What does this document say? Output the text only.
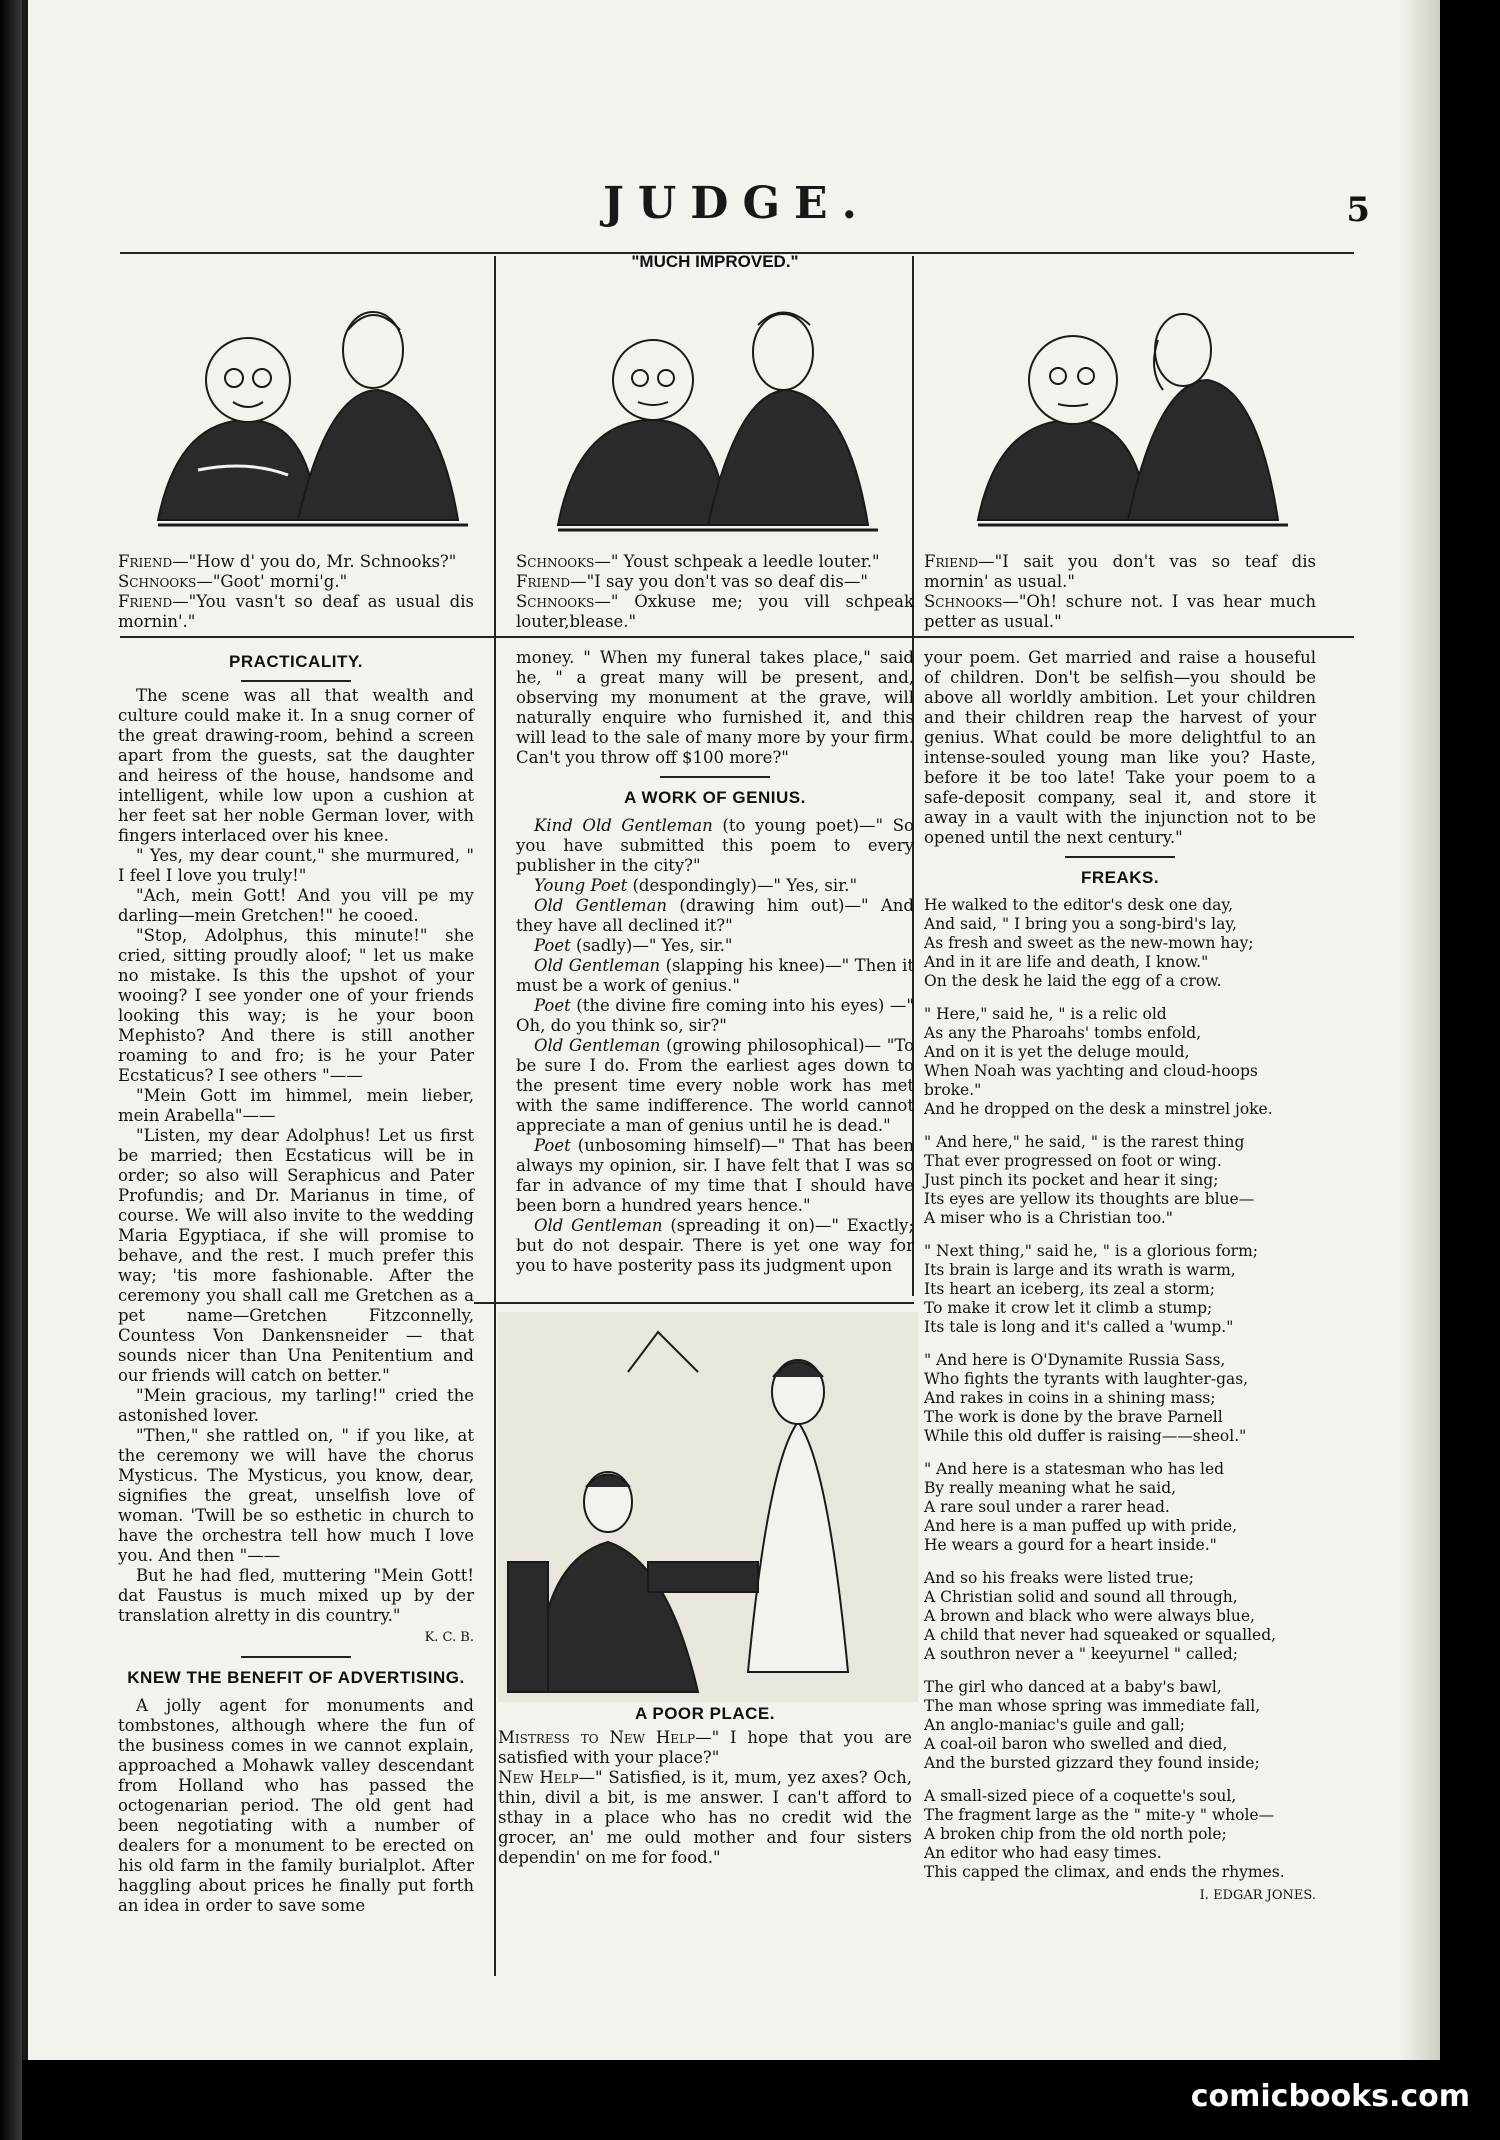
JUDGE.	5
"MUCH IMPROVED."

Friend—"How d' you do, Mr. Schnooks?"

Schnooks—"Goot' morni'g."

Friend—"You vasn't so deaf as usual dis mornin'."

Schnooks—" Youst schpeak a leedle louter."

Friend—"I say you don't vas so deaf dis—"

Schnooks—" Oxkuse me; you vill schpeak louter,blease."

Friend—"I sait you don't vas so teaf dis mornin' as usual."

Schnooks—"Oh! schure not. I vas hear much petter as usual."

PRACTICALITY.

The scene was all that wealth and culture could make it. In a snug corner of the great drawing-room, behind a screen apart from the guests, sat the daughter and heiress of the house, handsome and intelligent, while low upon a cushion at her feet sat her noble German lover, with fingers interlaced over his knee.

" Yes, my dear count," she murmured, " I feel I love you truly!"

"Ach, mein Gott! And you vill pe my darling—mein Gretchen!" he cooed.

"Stop, Adolphus, this minute!" she cried, sitting proudly aloof; " let us make no mistake. Is this the upshot of your wooing? I see yonder one of your friends looking this way; is he your boon Mephisto? And there is still another roaming to and fro; is he your Pater Ecstaticus? I see others "——

"Mein Gott im himmel, mein lieber, mein Arabella"——

"Listen, my dear Adolphus! Let us first be married; then Ecstaticus will be in order; so also will Seraphicus and Pater Profundis; and Dr. Marianus in time, of course. We will also invite to the wedding Maria Egyptiaca, if she will promise to behave, and the rest. I much prefer this way; 'tis more fashionable. After the ceremony you shall call me Gretchen as a pet name—Gretchen Fitzconnelly, Countess Von Dankensneider — that sounds nicer than Una Penitentium and our friends will catch on better."

"Mein gracious, my tarling!" cried the astonished lover.

"Then," she rattled on, " if you like, at the ceremony we will have the chorus Mysticus. The Mysticus, you know, dear, signifies the great, unselfish love of woman. 'Twill be so esthetic in church to have the orchestra tell how much I love you. And then "——

But he had fled, muttering "Mein Gott! dat Faustus is much mixed up by der translation alretty in dis country."

K. C. B.
KNEW THE BENEFIT OF ADVERTISING.

A jolly agent for monuments and tombstones, although where the fun of the business comes in we cannot explain, approached a Mohawk valley descendant from Holland who has passed the octogenarian period. The old gent had been negotiating with a number of dealers for a monument to be erected on his old farm in the family burialplot. After haggling about prices he finally put forth an idea in order to save some

money. " When my funeral takes place," said he, " a great many will be present, and, observing my monument at the grave, will naturally enquire who furnished it, and this will lead to the sale of many more by your firm. Can't you throw off $100 more?"

A WORK OF GENIUS.

Kind Old Gentleman (to young poet)—" So you have submitted this poem to every publisher in the city?"

Young Poet (despondingly)—" Yes, sir."

Old Gentleman (drawing him out)—" And they have all declined it?"

Poet (sadly)—" Yes, sir."

Old Gentleman (slapping his knee)—" Then it must be a work of genius."

Poet (the divine fire coming into his eyes) —" Oh, do you think so, sir?"

Old Gentleman (growing philosophical)— "To be sure I do. From the earliest ages down to the present time every noble work has met with the same indifference. The world cannot appreciate a man of genius until he is dead."

Poet (unbosoming himself)—" That has been always my opinion, sir. I have felt that I was so far in advance of my time that I should have been born a hundred years hence."

Old Gentleman (spreading it on)—" Exactly; but do not despair. There is yet one way for you to have posterity pass its judgment upon

A POOR PLACE.

Mistress to New Help—" I hope that you are satisfied with your place?"

New Help—" Satisfied, is it, mum, yez axes? Och, thin, divil a bit, is me answer. I can't afford to sthay in a place who has no credit wid the grocer, an' me ould mother and four sisters dependin' on me for food."

your poem. Get married and raise a houseful of children. Don't be selfish—you should be above all worldly ambition. Let your children and their children reap the harvest of your genius. What could be more delightful to an intense-souled young man like you? Haste, before it be too late! Take your poem to a safe-deposit company, seal it, and store it away in a vault with the injunction not to be opened until the next century."

FREAKS.

He walked to the editor's desk one day,

And said, " I bring you a song-bird's lay,

As fresh and sweet as the new-mown hay;

And in it are life and death, I know."

On the desk he laid the egg of a crow.

" Here," said he, " is a relic old

As any the Pharoahs' tombs enfold,

And on it is yet the deluge mould,

When Noah was yachting and cloud-hoops broke."

And he dropped on the desk a minstrel joke.

" And here," he said, " is the rarest thing

That ever progressed on foot or wing.

Just pinch its pocket and hear it sing;

Its eyes are yellow its thoughts are blue—

A miser who is a Christian too."

" Next thing," said he, " is a glorious form;

Its brain is large and its wrath is warm,

Its heart an iceberg, its zeal a storm;

To make it crow let it climb a stump;

Its tale is long and it's called a 'wump."

" And here is O'Dynamite Russia Sass,

Who fights the tyrants with laughter-gas,

And rakes in coins in a shining mass;

The work is done by the brave Parnell

While this old duffer is raising——sheol."

" And here is a statesman who has led

By really meaning what he said,

A rare soul under a rarer head.

And here is a man puffed up with pride,

He wears a gourd for a heart inside."

And so his freaks were listed true;

A Christian solid and sound all through,

A brown and black who were always blue,

A child that never had squeaked or squalled,

A southron never a " keeyurnel " called;

The girl who danced at a baby's bawl,

The man whose spring was immediate fall,

An anglo-maniac's guile and gall;

A coal-oil baron who swelled and died,

And the bursted gizzard they found inside;

A small-sized piece of a coquette's soul,

The fragment large as the " mite-y " whole—

A broken chip from the old north pole;

An editor who had easy times.

This capped the climax, and ends the rhymes.

I. EDGAR JONES.
comicbooks.com
